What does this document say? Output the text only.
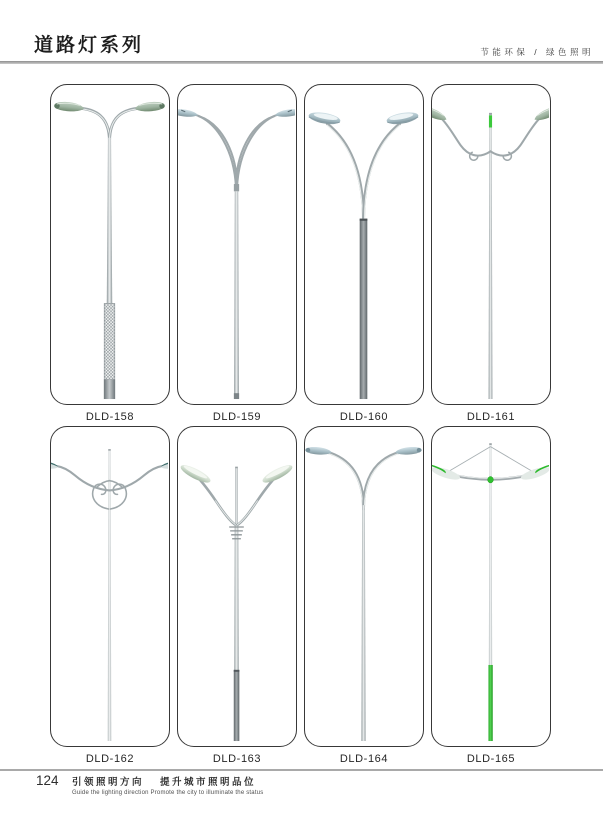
道路灯系列	节能环保 / 绿色照明
DLD-158	DLD-159	DLD-160	DLD-161
DLD-162	DLD-163	DLD-164	DLD-165
124 引领照明方向 提升城市照明品位
Guide the lighting direction Promote the city to illuminate the status
